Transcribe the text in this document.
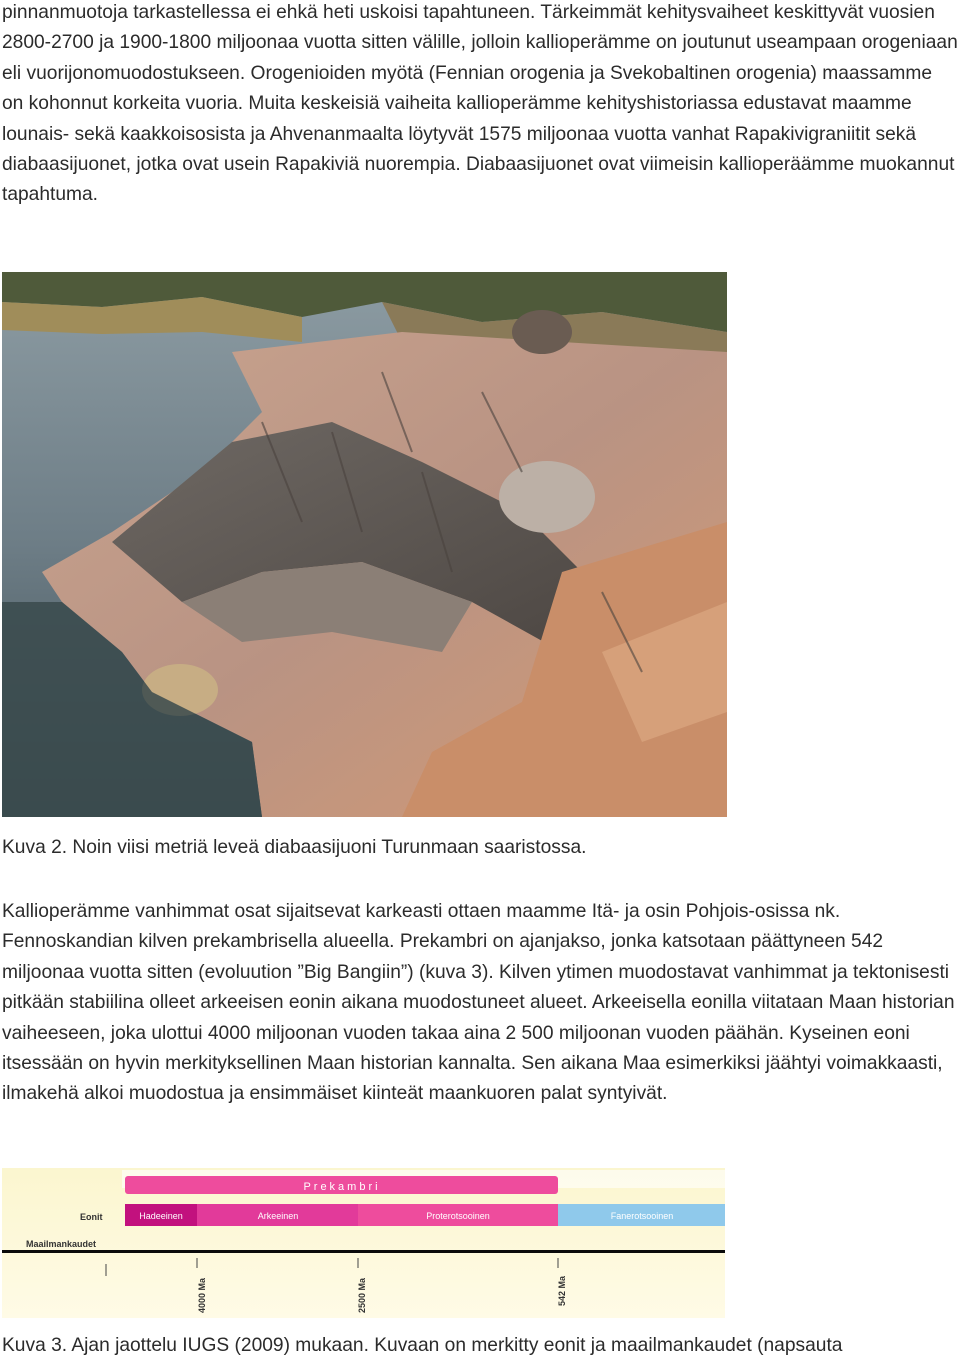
pinnanmuotoja tarkastellessa ei ehkä heti uskoisi tapahtuneen. Tärkeimmät kehitysvaiheet keskittyvät vuosien 2800-2700 ja 1900-1800 miljoonaa vuotta sitten välille, jolloin kallioperämme on joutunut useampaan orogeniaan eli vuorijonomuodostukseen. Orogenioiden myötä (Fennian orogenia ja Svekobaltinen orogenia) maassamme on kohonnut korkeita vuoria. Muita keskeisiä vaiheita kallioperämme kehityshistoriassa edustavat maamme lounais- sekä kaakkoisosista ja Ahvenanmaalta löytyvät 1575 miljoonaa vuotta vanhat Rapakivigraniitit sekä diabaasijuonet, jotka ovat usein Rapakiviä nuorempia. Diabaasijuonet ovat viimeisin kallioperäämme muokannut tapahtuma.

Kuva 2. Noin viisi metriä leveä diabaasijuoni Turunmaan saaristossa.

Kallioperämme vanhimmat osat sijaitsevat karkeasti ottaen maamme Itä- ja osin Pohjois-osissa nk. Fennoskandian kilven prekambrisella alueella. Prekambri on ajanjakso, jonka katsotaan päättyneen 542 miljoonaa vuotta sitten (evoluution ”Big Bangiin”) (kuva 3). Kilven ytimen muodostavat vanhimmat ja tektonisesti pitkään stabiilina olleet arkeeisen eonin aikana muodostuneet alueet. Arkeeisella eonilla viitataan Maan historian vaiheeseen, joka ulottui 4000 miljoonan vuoden takaa aina 2 500 miljoonan vuoden päähän. Kyseinen eoni itsessään on hyvin merkityksellinen Maan historian kannalta. Sen aikana Maa esimerkiksi jäähtyi voimakkaasti, ilmakehä alkoi muodostua ja ensimmäiset kiinteät maankuoren palat syntyivät.

Prekambri
Eonit	Hadeeinen	Arkeeinen	Proterotsooinen	Fanerotsooinen
Maailmankaudet
4000 Ma	2500 Ma	542 Ma

Kuva 3. Ajan jaottelu IUGS (2009) mukaan. Kuvaan on merkitty eonit ja maailmankaudet (napsauta
